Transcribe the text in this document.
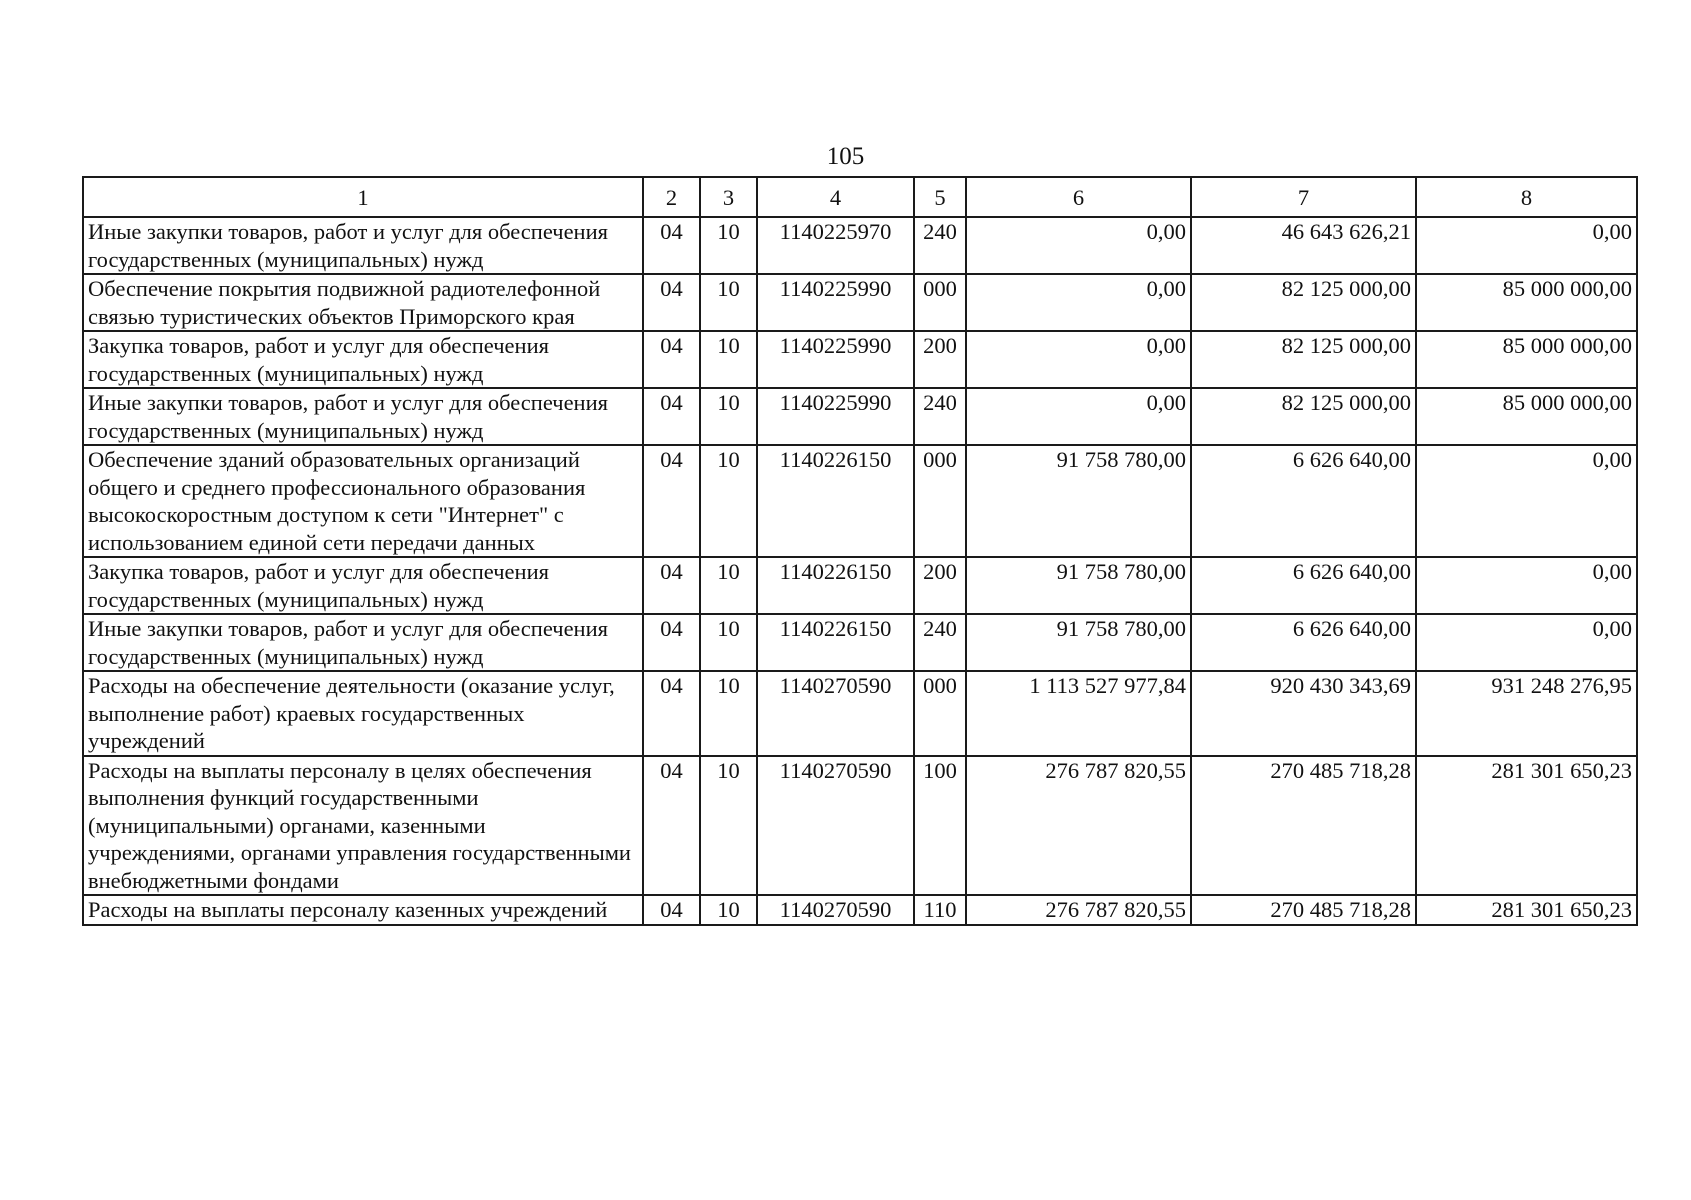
105
1	2	3	4	5	6	7	8
Иные закупки товаров, работ и услуг для обеспечения государственных (муниципальных) нужд	04	10	1140225970	240	0,00	46 643 626,21	0,00
Обеспечение покрытия подвижной радиотелефонной связью туристических объектов Приморского края	04	10	1140225990	000	0,00	82 125 000,00	85 000 000,00
Закупка товаров, работ и услуг для обеспечения государственных (муниципальных) нужд	04	10	1140225990	200	0,00	82 125 000,00	85 000 000,00
Иные закупки товаров, работ и услуг для обеспечения государственных (муниципальных) нужд	04	10	1140225990	240	0,00	82 125 000,00	85 000 000,00
Обеспечение зданий образовательных организаций общего и среднего профессионального образования высокоскоростным доступом к сети "Интернет" с использованием единой сети передачи данных	04	10	1140226150	000	91 758 780,00	6 626 640,00	0,00
Закупка товаров, работ и услуг для обеспечения государственных (муниципальных) нужд	04	10	1140226150	200	91 758 780,00	6 626 640,00	0,00
Иные закупки товаров, работ и услуг для обеспечения государственных (муниципальных) нужд	04	10	1140226150	240	91 758 780,00	6 626 640,00	0,00
Расходы на обеспечение деятельности (оказание услуг, выполнение работ) краевых государственных учреждений	04	10	1140270590	000	1 113 527 977,84	920 430 343,69	931 248 276,95
Расходы на выплаты персоналу в целях обеспечения выполнения функций государственными (муниципальными) органами, казенными учреждениями, органами управления государственными внебюджетными фондами	04	10	1140270590	100	276 787 820,55	270 485 718,28	281 301 650,23
Расходы на выплаты персоналу казенных учреждений	04	10	1140270590	110	276 787 820,55	270 485 718,28	281 301 650,23
